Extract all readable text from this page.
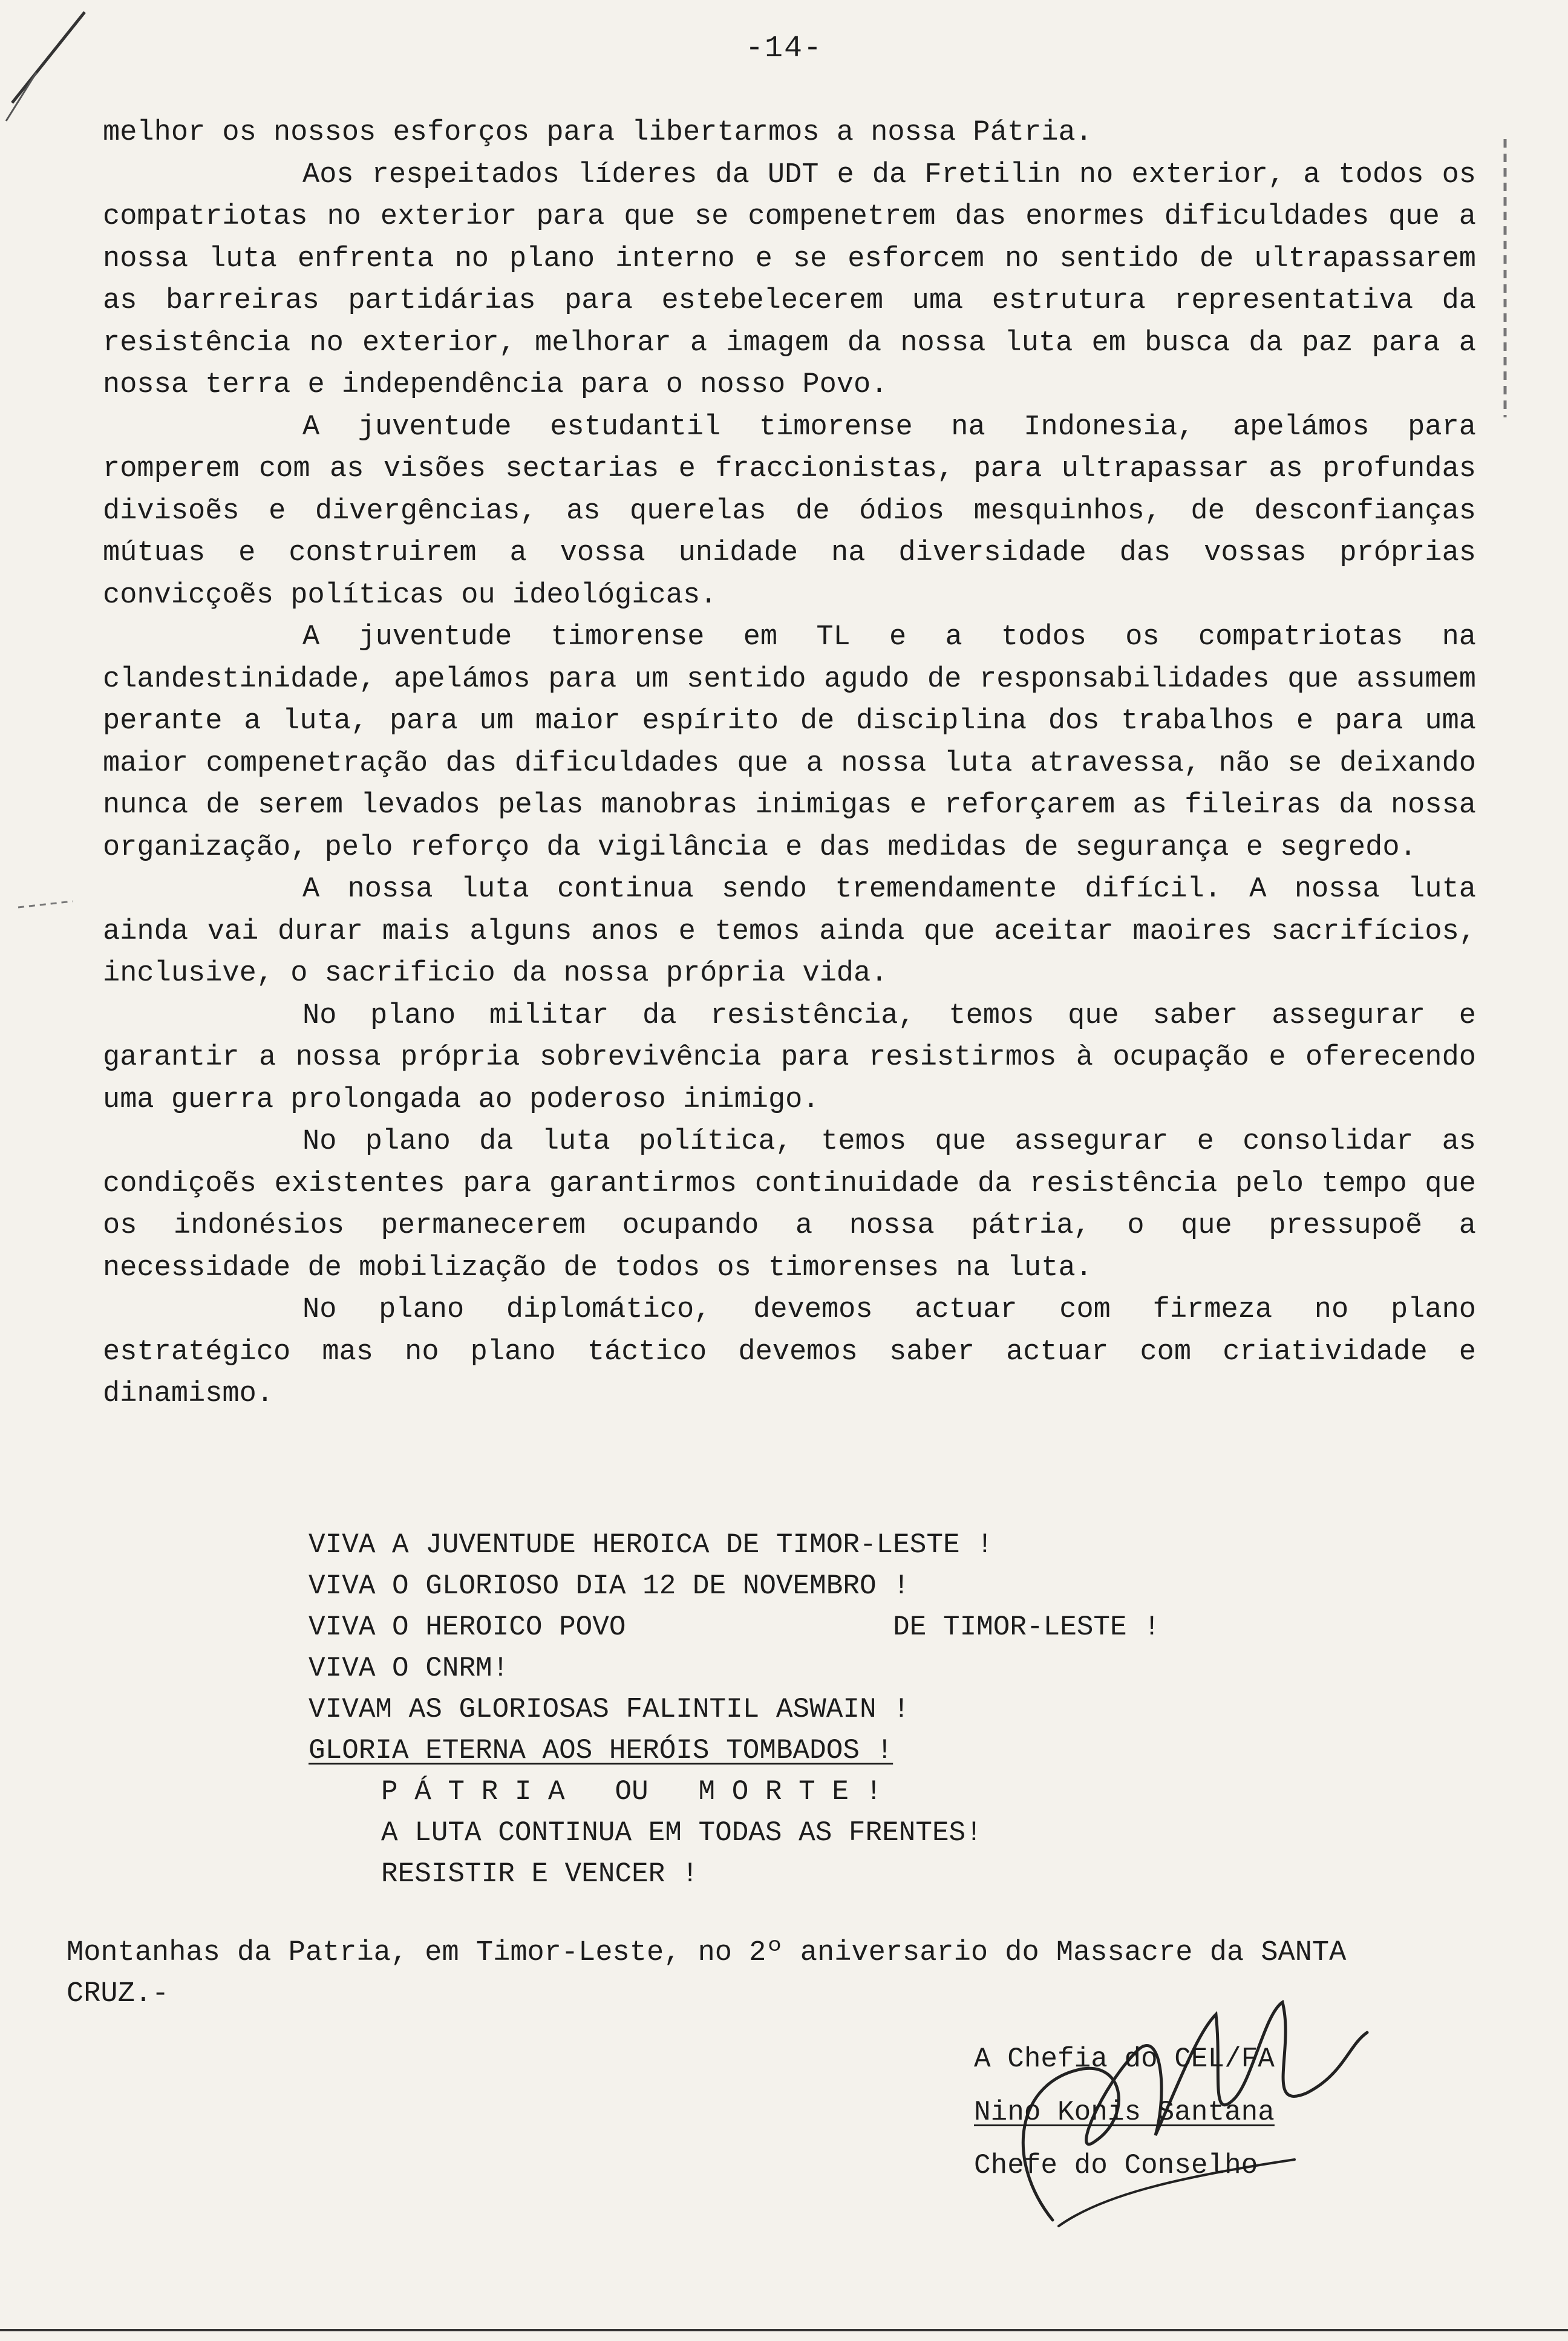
-14-

melhor os nossos esforços para libertarmos a nossa Pátria.

Aos respeitados líderes da UDT e da Fretilin no exterior, a todos os compatriotas no exterior para que se compenetrem das enormes dificuldades que a nossa luta enfrenta no plano interno e se esforcem no sentido de ultrapassarem as barreiras partidárias para estebelecerem uma estrutura representativa da resistência no exterior, melhorar a imagem da nossa luta em busca da paz para a nossa terra e independência para o nosso Povo.

A juventude estudantil timorense na Indonesia, apelámos para romperem com as visões sectarias e fraccionistas, para ultrapassar as profundas divisoẽs e divergências, as querelas de ódios mesquinhos, de desconfianças mútuas e construirem a vossa unidade na diversidade das vossas próprias convicçoẽs políticas ou ideológicas.

A juventude timorense em TL e a todos os compatriotas na clandestinidade, apelámos para um sentido agudo de responsabilidades que assumem perante a luta, para um maior espírito de disciplina dos trabalhos e para uma maior compenetração das dificuldades que a nossa luta atravessa, não se deixando nunca de serem levados pelas manobras inimigas e reforçarem as fileiras da nossa organização, pelo reforço da vigilância e das medidas de segurança e segredo.

A nossa luta continua sendo tremendamente difícil. A nossa luta ainda vai durar mais alguns anos e temos ainda que aceitar maoires sacrifícios, inclusive, o sacrificio da nossa própria vida.

No plano militar da resistência, temos que saber assegurar e garantir a nossa própria sobrevivência para resistirmos à ocupação e oferecendo uma guerra prolongada ao poderoso inimigo.

No plano da luta política, temos que assegurar e consolidar as condiçoẽs existentes para garantirmos continuidade da resistência pelo tempo que os indonésios permanecerem ocupando a nossa pátria, o que pressupoẽ a necessidade de mobilização de todos os timorenses na luta.

No plano diplomático, devemos actuar com firmeza no plano estratégico mas no plano táctico devemos saber actuar com criatividade e dinamismo.

VIVA A JUVENTUDE HEROICA DE TIMOR-LESTE !
VIVA O GLORIOSO DIA 12 DE NOVEMBRO !
VIVA O HEROICO POVO                DE TIMOR-LESTE !
VIVA O CNRM!
VIVAM AS GLORIOSAS FALINTIL ASWAIN !
GLORIA ETERNA AOS HERÓIS TOMBADOS !
P Á T R I A   OU   M O R T E !
A LUTA CONTINUA EM TODAS AS FRENTES!
RESISTIR E VENCER !
Montanhas da Patria, em Timor-Leste, no 2º aniversario do Massacre da SANTA CRUZ.-
A Chefia do CEL/FA
Nino Konis Santana
Chefe do Conselho
